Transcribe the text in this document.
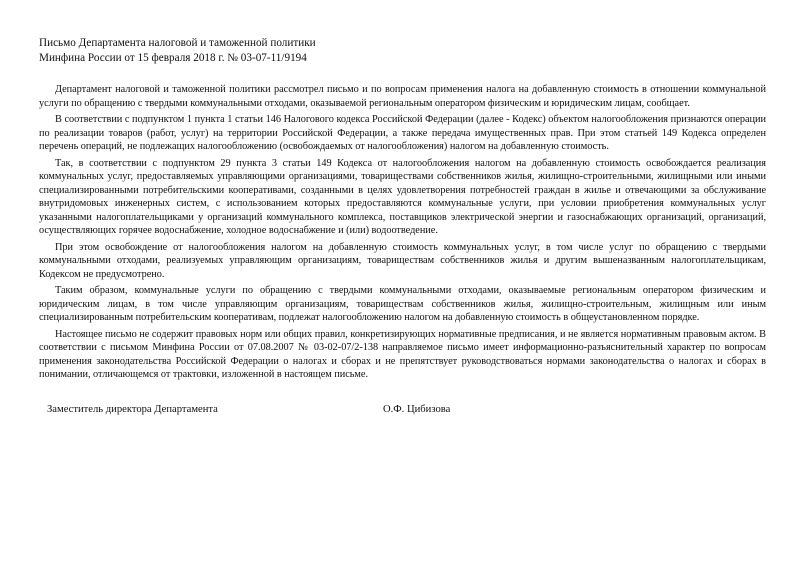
Письмо Департамента налоговой и таможенной политики
Минфина России от 15 февраля 2018 г. № 03-07-11/9194

Департамент налоговой и таможенной политики рассмотрел письмо и по вопросам применения налога на добавленную стоимость в отношении коммунальной услуги по обращению с твердыми коммунальными отходами, оказываемой региональным оператором физическим и юридическим лицам, сообщает.

В соответствии с подпунктом 1 пункта 1 статьи 146 Налогового кодекса Российской Федерации (далее - Кодекс) объектом налогообложения признаются операции по реализации товаров (работ, услуг) на территории Российской Федерации, а также передача имущественных прав. При этом статьей 149 Кодекса определен перечень операций, не подлежащих налогообложению (освобождаемых от налогообложения) налогом на добавленную стоимость.

Так, в соответствии с подпунктом 29 пункта 3 статьи 149 Кодекса от налогообложения налогом на добавленную стоимость освобождается реализация коммунальных услуг, предоставляемых управляющими организациями, товариществами собственников жилья, жилищно-строительными, жилищными или иными специализированными потребительскими кооперативами, созданными в целях удовлетворения потребностей граждан в жилье и отвечающими за обслуживание внутридомовых инженерных систем, с использованием которых предоставляются коммунальные услуги, при условии приобретения коммунальных услуг указанными налогоплательщиками у организаций коммунального комплекса, поставщиков электрической энергии и газоснабжающих организаций, организаций, осуществляющих горячее водоснабжение, холодное водоснабжение и (или) водоотведение.

При этом освобождение от налогообложения налогом на добавленную стоимость коммунальных услуг, в том числе услуг по обращению с твердыми коммунальными отходами, реализуемых управляющим организациям, товариществам собственников жилья и другим вышеназванным налогоплательщикам, Кодексом не предусмотрено.

Таким образом, коммунальные услуги по обращению с твердыми коммунальными отходами, оказываемые региональным оператором физическим и юридическим лицам, в том числе управляющим организациям, товариществам собственников жилья, жилищно-строительным, жилищным или иным специализированным потребительским кооперативам, подлежат налогообложению налогом на добавленную стоимость в общеустановленном порядке.

Настоящее письмо не содержит правовых норм или общих правил, конкретизирующих нормативные предписания, и не является нормативным правовым актом. В соответствии с письмом Минфина России от 07.08.2007 № 03-02-07/2-138 направляемое письмо имеет информационно-разъяснительный характер по вопросам применения законодательства Российской Федерации о налогах и сборах и не препятствует руководствоваться нормами законодательства о налогах и сборах в понимании, отличающемся от трактовки, изложенной в настоящем письме.

Заместитель директора Департамента	О.Ф. Цибизова
